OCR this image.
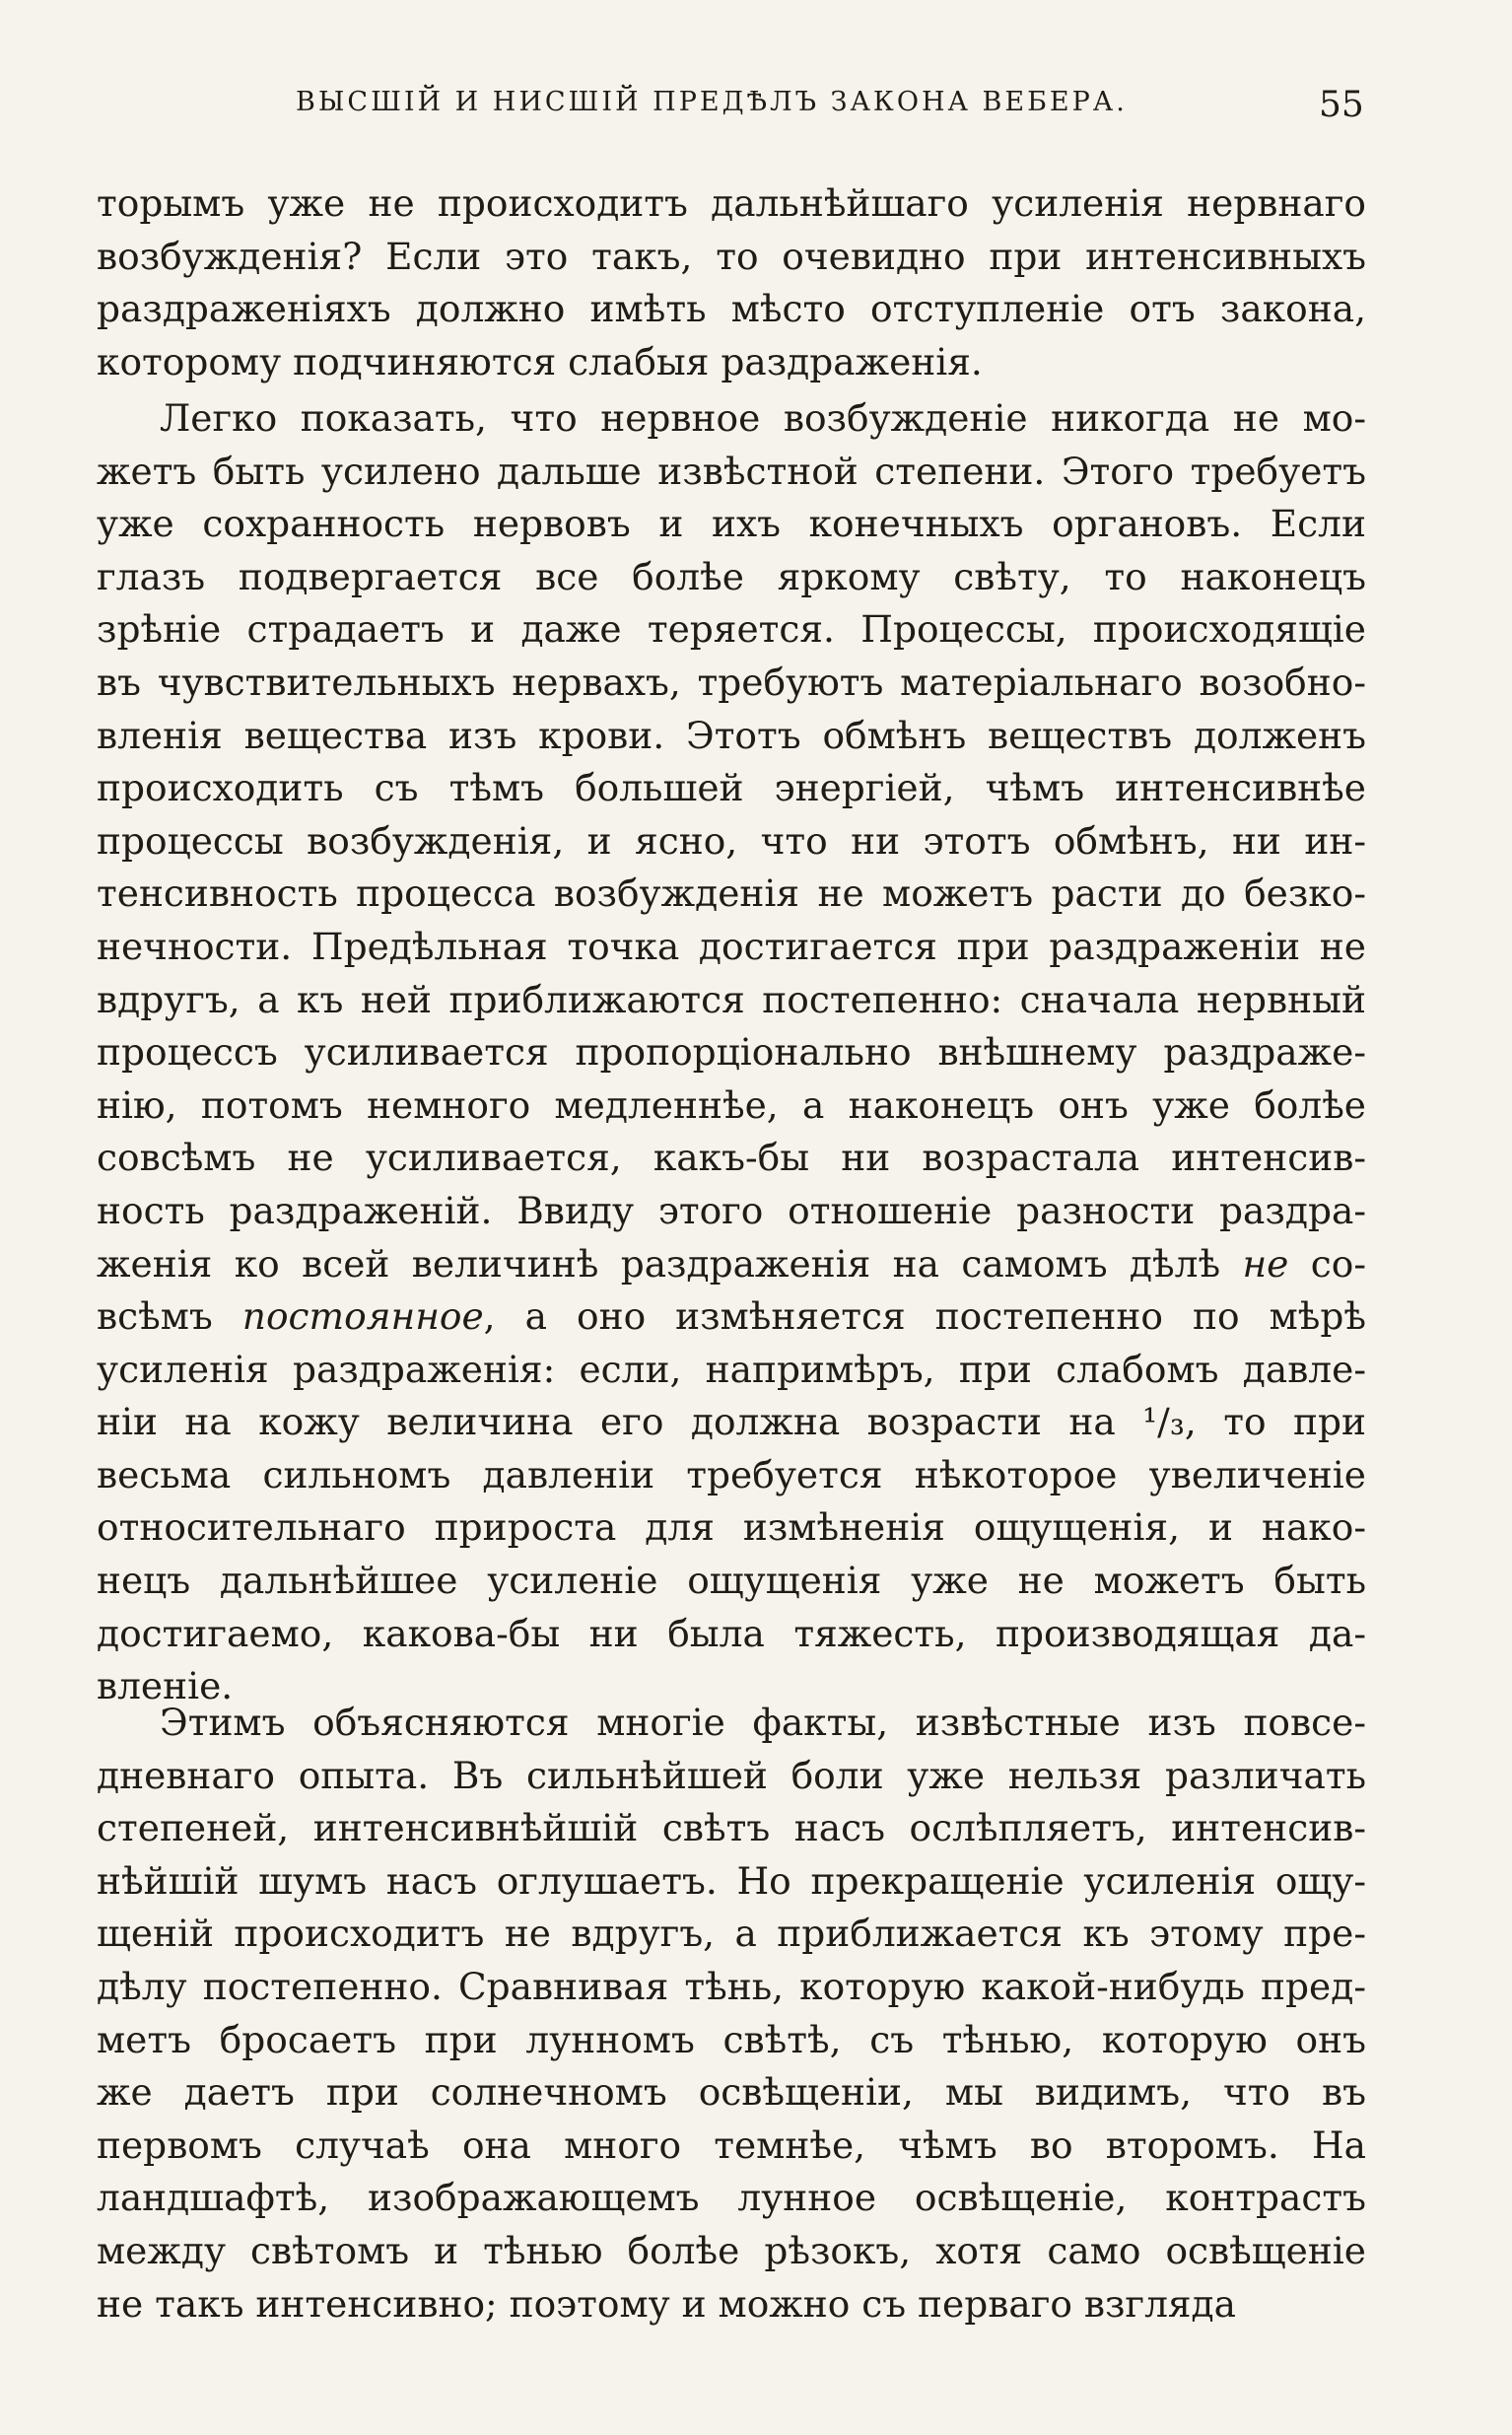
ВЫСШІЙ И НИСШІЙ ПРЕДѢЛЪ ЗАКОНА ВЕБЕРА.	55
торымъ уже не происходитъ дальнѣйшаго усиленія нервнаго
возбужденія? Если это такъ, то очевидно при интенсивныхъ
раздраженіяхъ должно имѣть мѣсто отступленіе отъ закона,
которому подчиняются слабыя раздраженія.
Легко показать, что нервное возбужденіе никогда не мо-
жетъ быть усилено дальше извѣстной степени. Этого требуетъ
уже сохранность нервовъ и ихъ конечныхъ органовъ. Если
глазъ подвергается все болѣе яркому свѣту, то наконецъ
зрѣніе страдаетъ и даже теряется. Процессы, происходящіе
въ чувствительныхъ нервахъ, требуютъ матеріальнаго возобно-
вленія вещества изъ крови. Этотъ обмѣнъ веществъ долженъ
происходить съ тѣмъ большей энергіей, чѣмъ интенсивнѣе
процессы возбужденія, и ясно, что ни этотъ обмѣнъ, ни ин-
тенсивность процесса возбужденія не можетъ расти до безко-
нечности. Предѣльная точка достигается при раздраженіи не
вдругъ, а къ ней приближаются постепенно: сначала нервный
процессъ усиливается пропорціонально внѣшнему раздраже-
нію, потомъ немного медленнѣе, а наконецъ онъ уже болѣе
совсѣмъ не усиливается, какъ-бы ни возрастала интенсив-
ность раздраженій. Ввиду этого отношеніе разности раздра-
женія ко всей величинѣ раздраженія на самомъ дѣлѣ не со-
всѣмъ постоянное, а оно измѣняется постепенно по мѣрѣ
усиленія раздраженія: если, напримѣръ, при слабомъ давле-
ніи на кожу величина его должна возрасти на ¹/₃, то при
весьма сильномъ давленіи требуется нѣкоторое увеличеніе
относительнаго прироста для измѣненія ощущенія, и нако-
нецъ дальнѣйшее усиленіе ощущенія уже не можетъ быть
достигаемо, какова-бы ни была тяжесть, производящая да-
вленіе.
Этимъ объясняются многіе факты, извѣстные изъ повсе-
дневнаго опыта. Въ сильнѣйшей боли уже нельзя различать
степеней, интенсивнѣйшій свѣтъ насъ ослѣпляетъ, интенсив-
нѣйшій шумъ насъ оглушаетъ. Но прекращеніе усиленія ощу-
щеній происходитъ не вдругъ, а приближается къ этому пре-
дѣлу постепенно. Сравнивая тѣнь, которую какой-нибудь пред-
метъ бросаетъ при лунномъ свѣтѣ, съ тѣнью, которую онъ
же даетъ при солнечномъ освѣщеніи, мы видимъ, что въ
первомъ случаѣ она много темнѣе, чѣмъ во второмъ. На
ландшафтѣ, изображающемъ лунное освѣщеніе, контрастъ
между свѣтомъ и тѣнью болѣе рѣзокъ, хотя само освѣщеніе
не такъ интенсивно; поэтому и можно съ перваго взгляда
